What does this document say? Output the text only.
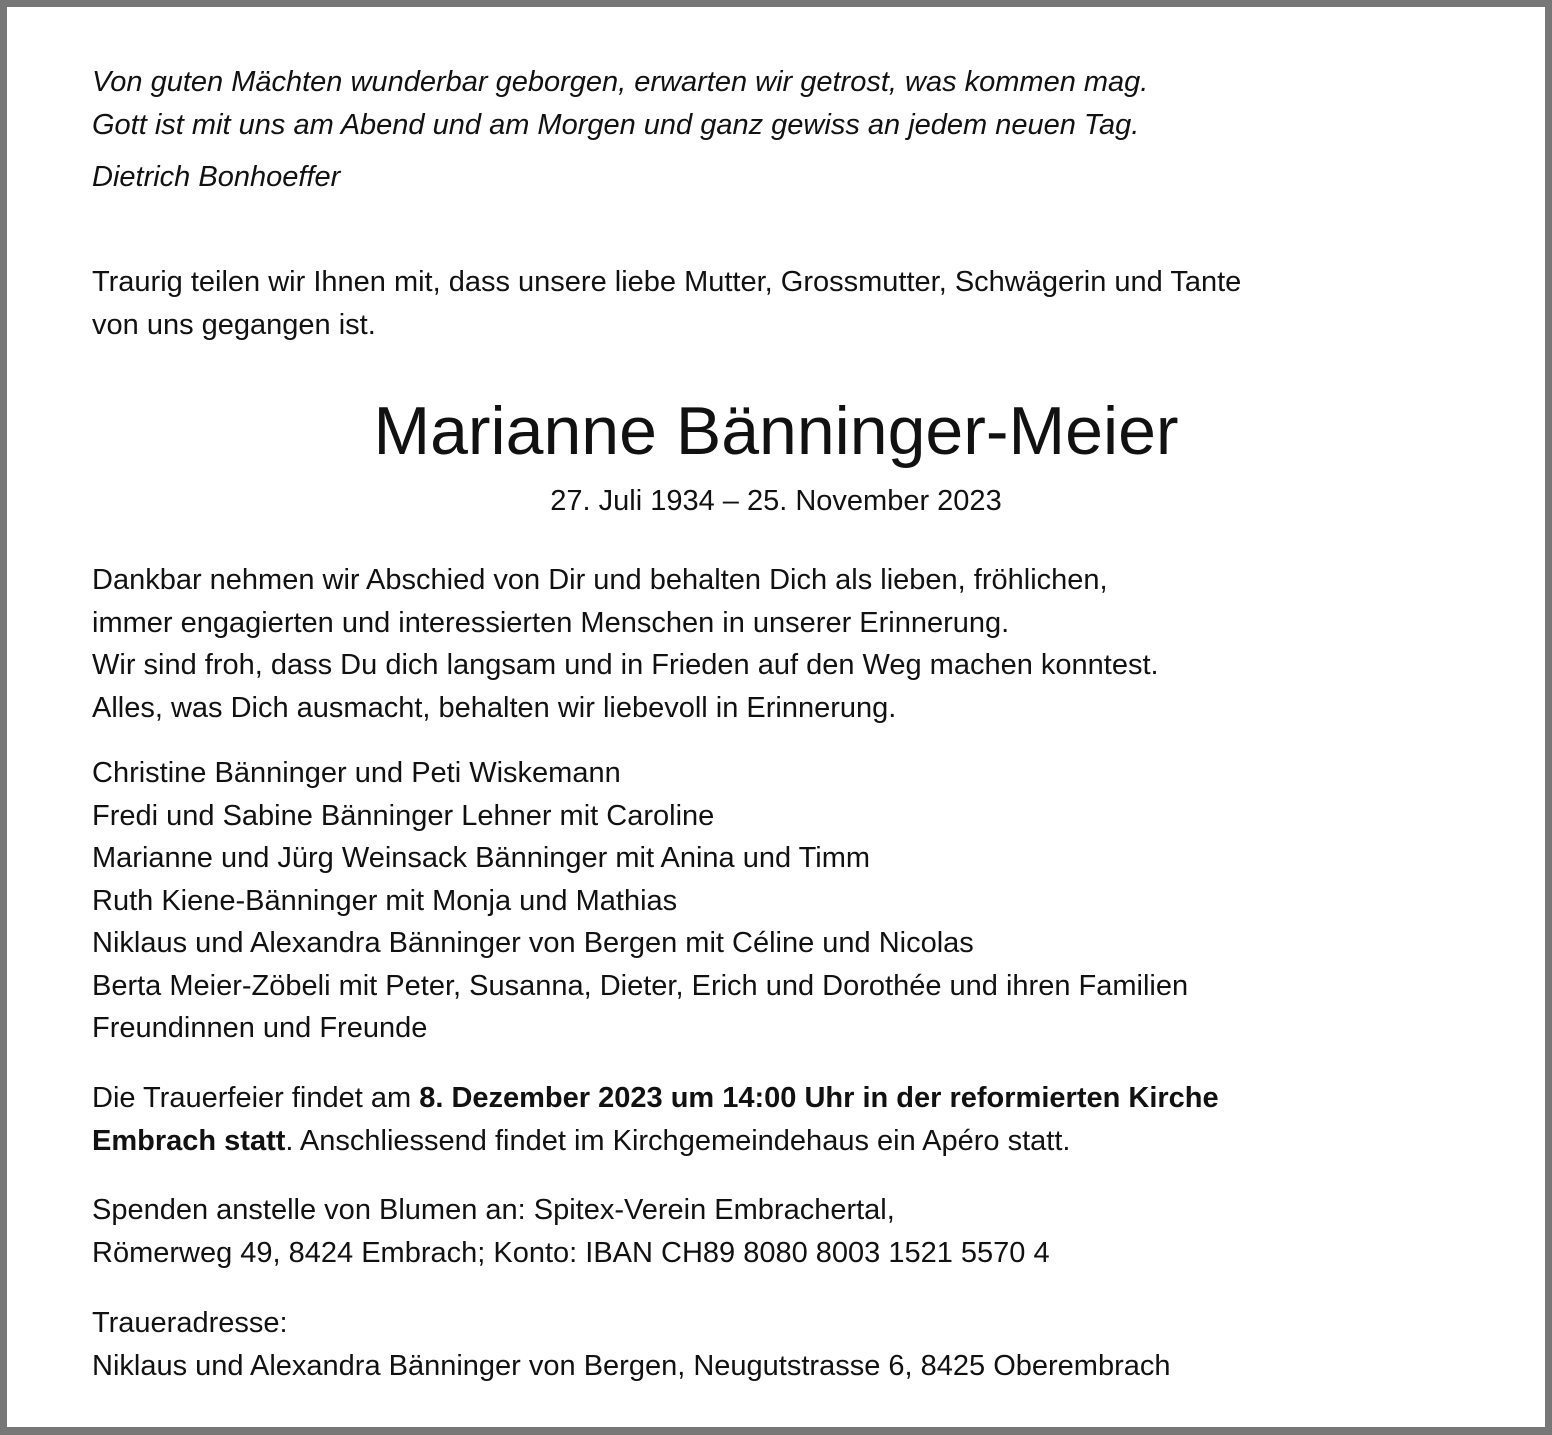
Von guten Mächten wunderbar geborgen, erwarten wir getrost, was kommen mag.
Gott ist mit uns am Abend und am Morgen und ganz gewiss an jedem neuen Tag.
Dietrich Bonhoeffer
Traurig teilen wir Ihnen mit, dass unsere liebe Mutter, Grossmutter, Schwägerin und Tante
von uns gegangen ist.
Marianne Bänninger-Meier
27. Juli 1934 – 25. November 2023
Dankbar nehmen wir Abschied von Dir und behalten Dich als lieben, fröhlichen,
immer engagierten und interessierten Menschen in unserer Erinnerung.
Wir sind froh, dass Du dich langsam und in Frieden auf den Weg machen konntest.
Alles, was Dich ausmacht, behalten wir liebevoll in Erinnerung.
Christine Bänninger und Peti Wiskemann
Fredi und Sabine Bänninger Lehner mit Caroline
Marianne und Jürg Weinsack Bänninger mit Anina und Timm
Ruth Kiene-Bänninger mit Monja und Mathias
Niklaus und Alexandra Bänninger von Bergen mit Céline und Nicolas
Berta Meier-Zöbeli mit Peter, Susanna, Dieter, Erich und Dorothée und ihren Familien
Freundinnen und Freunde
Die Trauerfeier findet am 8. Dezember 2023 um 14:00 Uhr in der reformierten Kirche
Embrach statt. Anschliessend findet im Kirchgemeindehaus ein Apéro statt.
Spenden anstelle von Blumen an: Spitex-Verein Embrachertal,
Römerweg 49, 8424 Embrach; Konto: IBAN CH89 8080 8003 1521 5570 4
Traueradresse:
Niklaus und Alexandra Bänninger von Bergen, Neugutstrasse 6, 8425 Oberembrach
